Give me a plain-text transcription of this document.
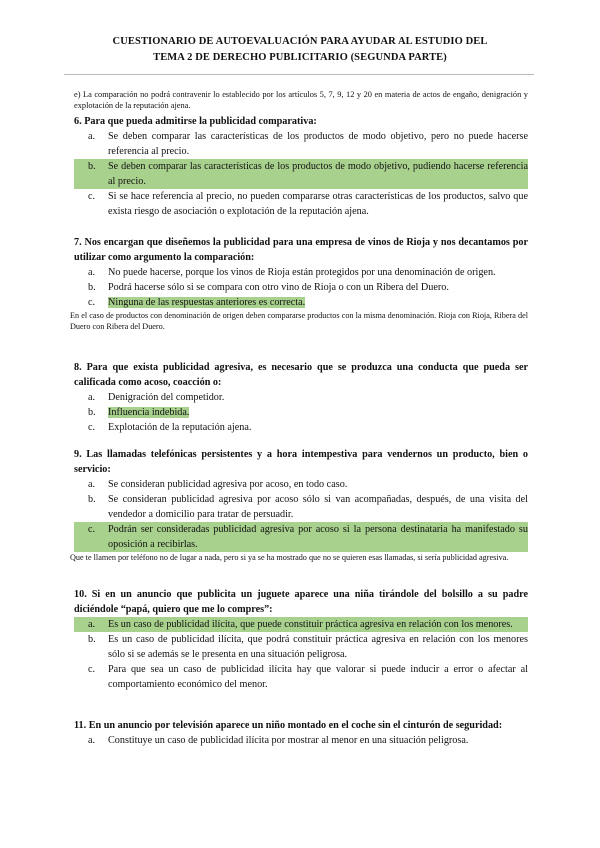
CUESTIONARIO DE AUTOEVALUACIÓN PARA AYUDAR AL ESTUDIO DEL
TEMA 2 DE DERECHO PUBLICITARIO (SEGUNDA PARTE)
e) La comparación no podrá contravenir lo establecido por los artículos 5, 7, 9, 12 y 20 en materia de actos de engaño, denigración y explotación de la reputación ajena.
6. Para que pueda admitirse la publicidad comparativa:
a. Se deben comparar las características de los productos de modo objetivo, pero no puede hacerse referencia al precio.
b. Se deben comparar las características de los productos de modo objetivo, pudiendo hacerse referencia al precio.
c. Si se hace referencia al precio, no pueden compararse otras características de los productos, salvo que exista riesgo de asociación o explotación de la reputación ajena.
7. Nos encargan que diseñemos la publicidad para una empresa de vinos de Rioja y nos decantamos por utilizar como argumento la comparación:
a. No puede hacerse, porque los vinos de Rioja están protegidos por una denominación de origen.
b. Podrá hacerse sólo si se compara con otro vino de Rioja o con un Ribera del Duero.
c. Ninguna de las respuestas anteriores es correcta.
En el caso de productos con denominación de origen deben compararse productos con la misma denominación. Rioja con Rioja, Ribera del Duero con Ribera del Duero.
8. Para que exista publicidad agresiva, es necesario que se produzca una conducta que pueda ser calificada como acoso, coacción o:
a. Denigración del competidor.
b. Influencia indebida.
c. Explotación de la reputación ajena.
9. Las llamadas telefónicas persistentes y a hora intempestiva para vendernos un producto, bien o servicio:
a. Se consideran publicidad agresiva por acoso, en todo caso.
b. Se consideran publicidad agresiva por acoso sólo si van acompañadas, después, de una visita del vendedor a domicilio para tratar de persuadir.
c. Podrán ser consideradas publicidad agresiva por acoso si la persona destinataria ha manifestado su oposición a recibirlas.
Que te llamen por teléfono no de lugar a nada, pero si ya se ha mostrado que no se quieren esas llamadas, si sería publicidad agresiva.
10. Si en un anuncio que publicita un juguete aparece una niña tirándole del bolsillo a su padre diciéndole “papá, quiero que me lo compres”:
a. Es un caso de publicidad ilícita, que puede constituir práctica agresiva en relación con los menores.
b. Es un caso de publicidad ilícita, que podrá constituir práctica agresiva en relación con los menores sólo si se además se le presenta en una situación peligrosa.
c. Para que sea un caso de publicidad ilícita hay que valorar si puede inducir a error o afectar al comportamiento económico del menor.
11. En un anuncio por televisión aparece un niño montado en el coche sin el cinturón de seguridad:
a. Constituye un caso de publicidad ilícita por mostrar al menor en una situación peligrosa.
